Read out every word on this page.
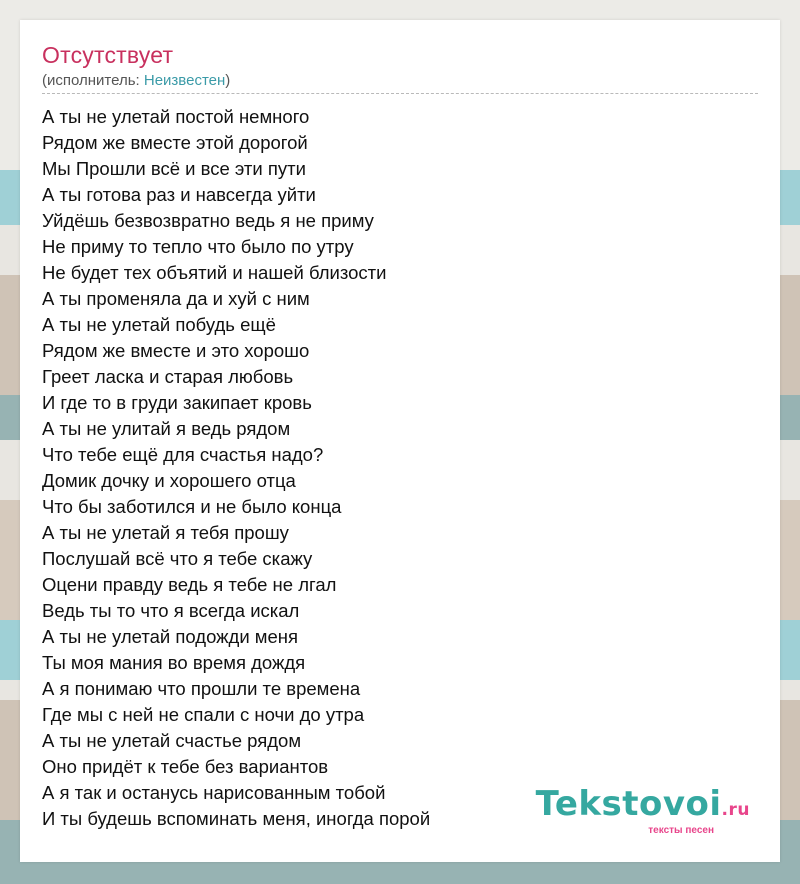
Отсутствует
(исполнитель: Неизвестен)
А ты не улетай постой немного
Рядом же вместе этой дорогой
Мы Прошли всё и все эти пути
А ты готова раз и навсегда уйти
Уйдёшь безвозвратно ведь я не приму
Не приму то тепло что было по утру
Не будет тех объятий и нашей близости
А ты променяла да и хуй с ним
А ты не улетай побудь ещё
Рядом же вместе и это хорошо
Греет ласка и старая любовь
И где то в груди закипает кровь
А ты не улитай я ведь рядом
Что тебе ещё для счастья надо?
Домик дочку и хорошего отца
Что бы заботился и не было конца
А ты не улетай я тебя прошу
Послушай всё что я тебе скажу
Оцени правду ведь я тебе не лгал
Ведь ты то что я всегда искал
А ты не улетай подожди меня
Ты моя мания во время дождя
А я понимаю что прошли те времена
Где мы с ней не спали с ночи до утра
А ты не улетай счастье рядом
Оно придёт к тебе без вариантов
А я так и останусь нарисованным тобой
И ты будешь вспоминать меня, иногда порой	Tekstovoi.ru
тексты песен
